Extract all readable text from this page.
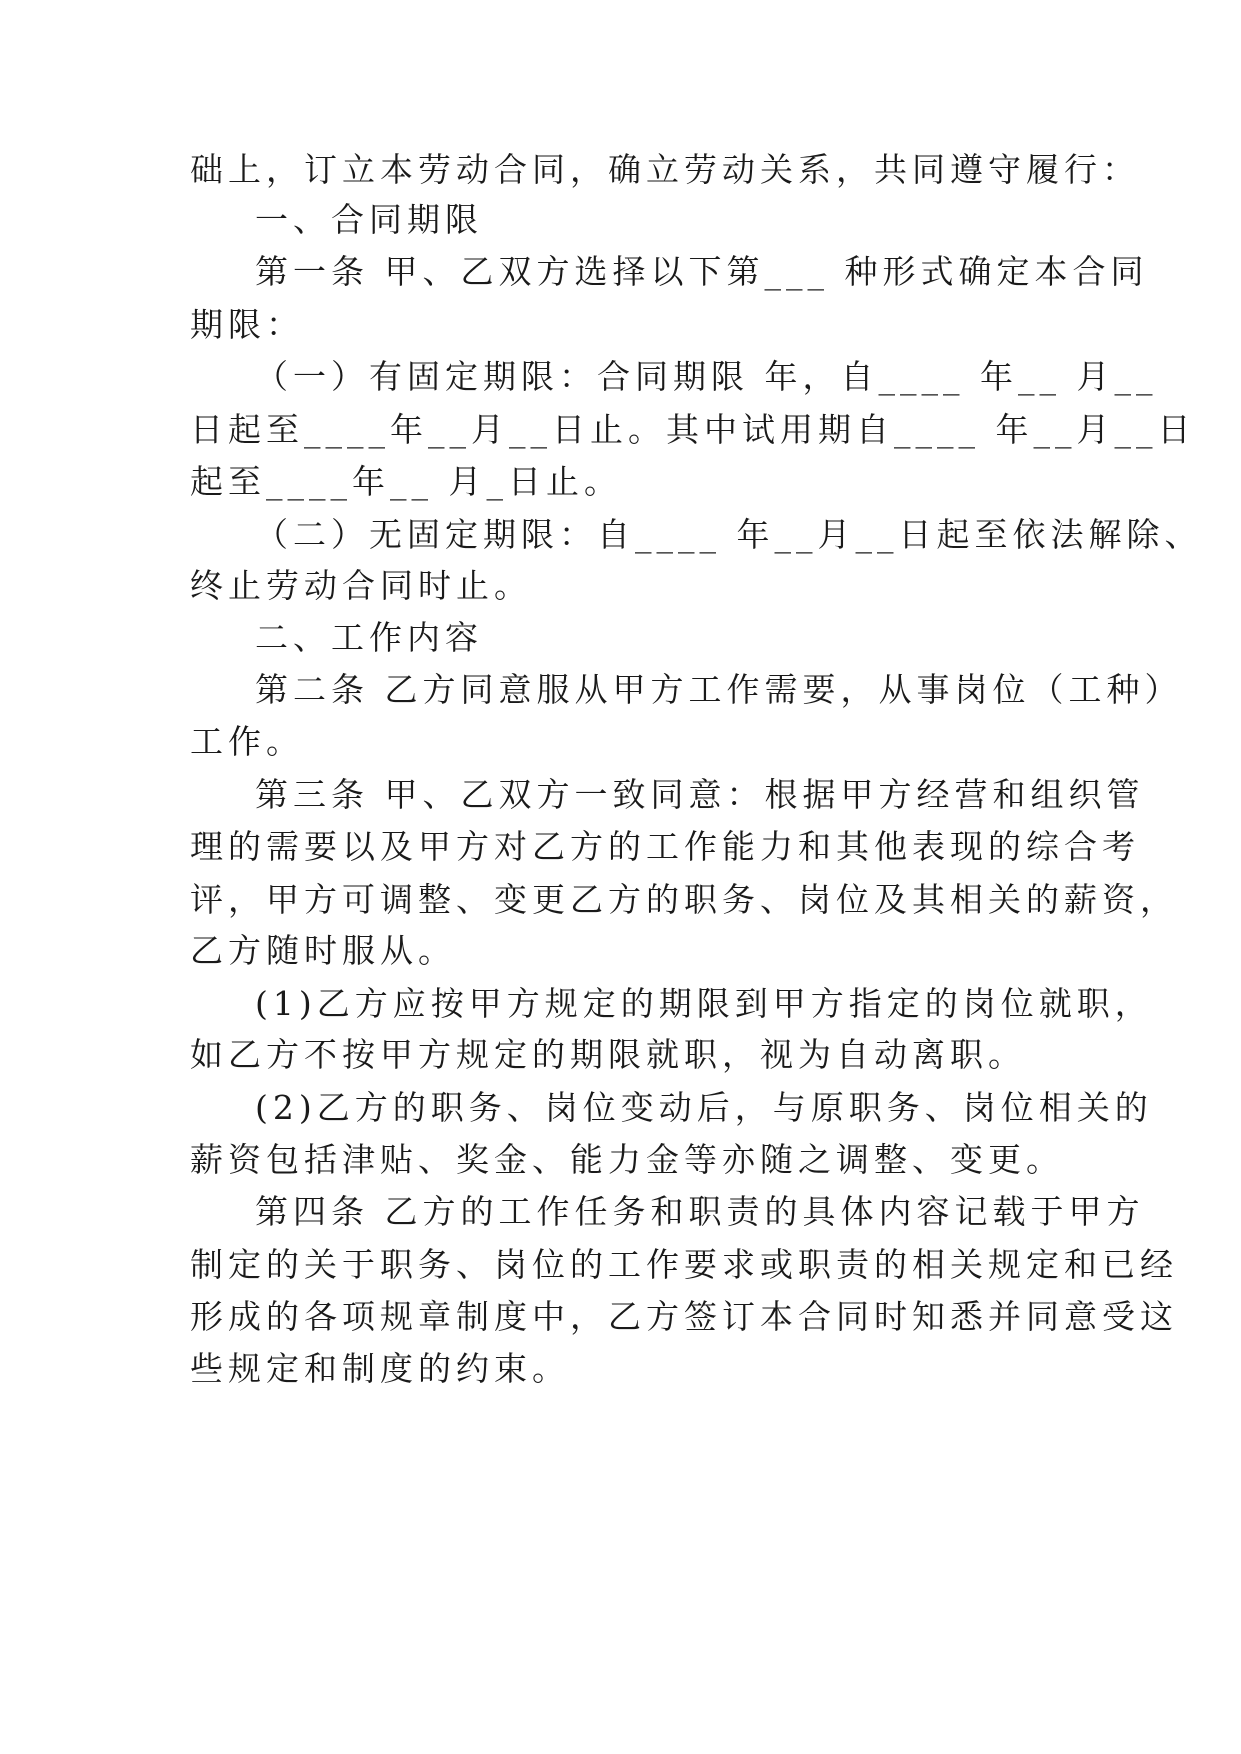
础上，订立本劳动合同，确立劳动关系，共同遵守履行：
一、合同期限
第一条 甲、乙双方选择以下第___ 种形式确定本合同
期限：
（一）有固定期限：合同期限 年，自____ 年__ 月__
日起至____年__月__日止。其中试用期自____ 年__月__日
起至____年__ 月_日止。
（二）无固定期限：自____ 年__月__日起至依法解除、
终止劳动合同时止。
二、工作内容
第二条 乙方同意服从甲方工作需要，从事岗位（工种）
工作。
第三条 甲、乙双方一致同意：根据甲方经营和组织管
理的需要以及甲方对乙方的工作能力和其他表现的综合考
评，甲方可调整、变更乙方的职务、岗位及其相关的薪资，
乙方随时服从。
(1)乙方应按甲方规定的期限到甲方指定的岗位就职，
如乙方不按甲方规定的期限就职，视为自动离职。
(2)乙方的职务、岗位变动后，与原职务、岗位相关的
薪资包括津贴、奖金、能力金等亦随之调整、变更。
第四条 乙方的工作任务和职责的具体内容记载于甲方
制定的关于职务、岗位的工作要求或职责的相关规定和已经
形成的各项规章制度中，乙方签订本合同时知悉并同意受这
些规定和制度的约束。
